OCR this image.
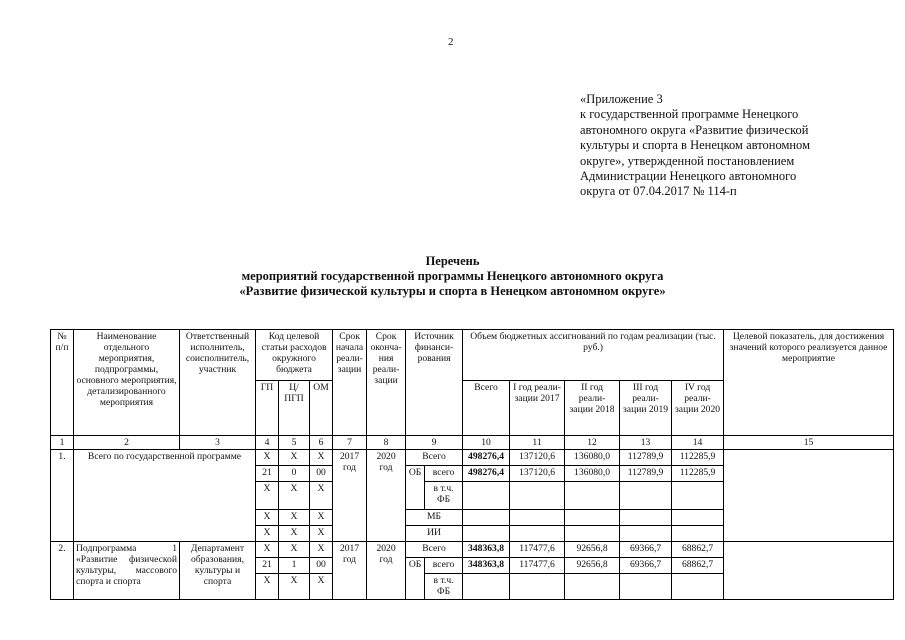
2
«Приложение 3
к государственной программе Ненецкого
автономного округа «Развитие физической
культуры и спорта в Ненецком автономном
округе», утвержденной постановлением
Администрации Ненецкого автономного
округа от 07.04.2017 № 114-п
Перечень
мероприятий государственной программы Ненецкого автономного округа
«Развитие физической культуры и спорта в Ненецком автономном округе»
№ п/п	Наименование отдельного мероприятия, подпрограммы, основного мероприятия, детализированного мероприятия	Ответственный исполнитель, соисполнитель, участник	Код целевой статьи расходов окружного бюджета			Срок начала реали-зации	Срок оконча-ния реали-зации	Источник финанси-рования		Объем бюджетных ассигнований по годам реализации (тыс. руб.)					Целевой показатель, для достижения значений которого реализуется данное мероприятие
			ГП	Ц/ПГП	ОМ					Всего	I год реали-зации 2017	II год реали-зации 2018	III год реали-зации 2019	IV год реали-зации 2020	
1	2	3	4	5	6	7	8	9		10	11	12	13	14	15
1.	Всего по государственной программе		X	X	X	2017 год	2020 год	Всего		498276,4	137120,6	136080,0	112789,9	112285,9	
			21	0	00			ОБ	всего	498276,4	137120,6	136080,0	112789,9	112285,9	
			X	X	X				в т.ч. ФБ						
			X	X	X			МБ							
			X	X	X			ИИ							
2.	Подпрограмма 1 «Развитие физической культуры, массового спорта и спорта	Департамент образования, культуры и спорта	X	X	X	2017 год	2020 год	Всего		348363,8	117477,6	92656,8	69366,7	68862,7	
			21	1	00			ОБ	всего	348363,8	117477,6	92656,8	69366,7	68862,7	
			X	X	X				в т.ч. ФБ						
